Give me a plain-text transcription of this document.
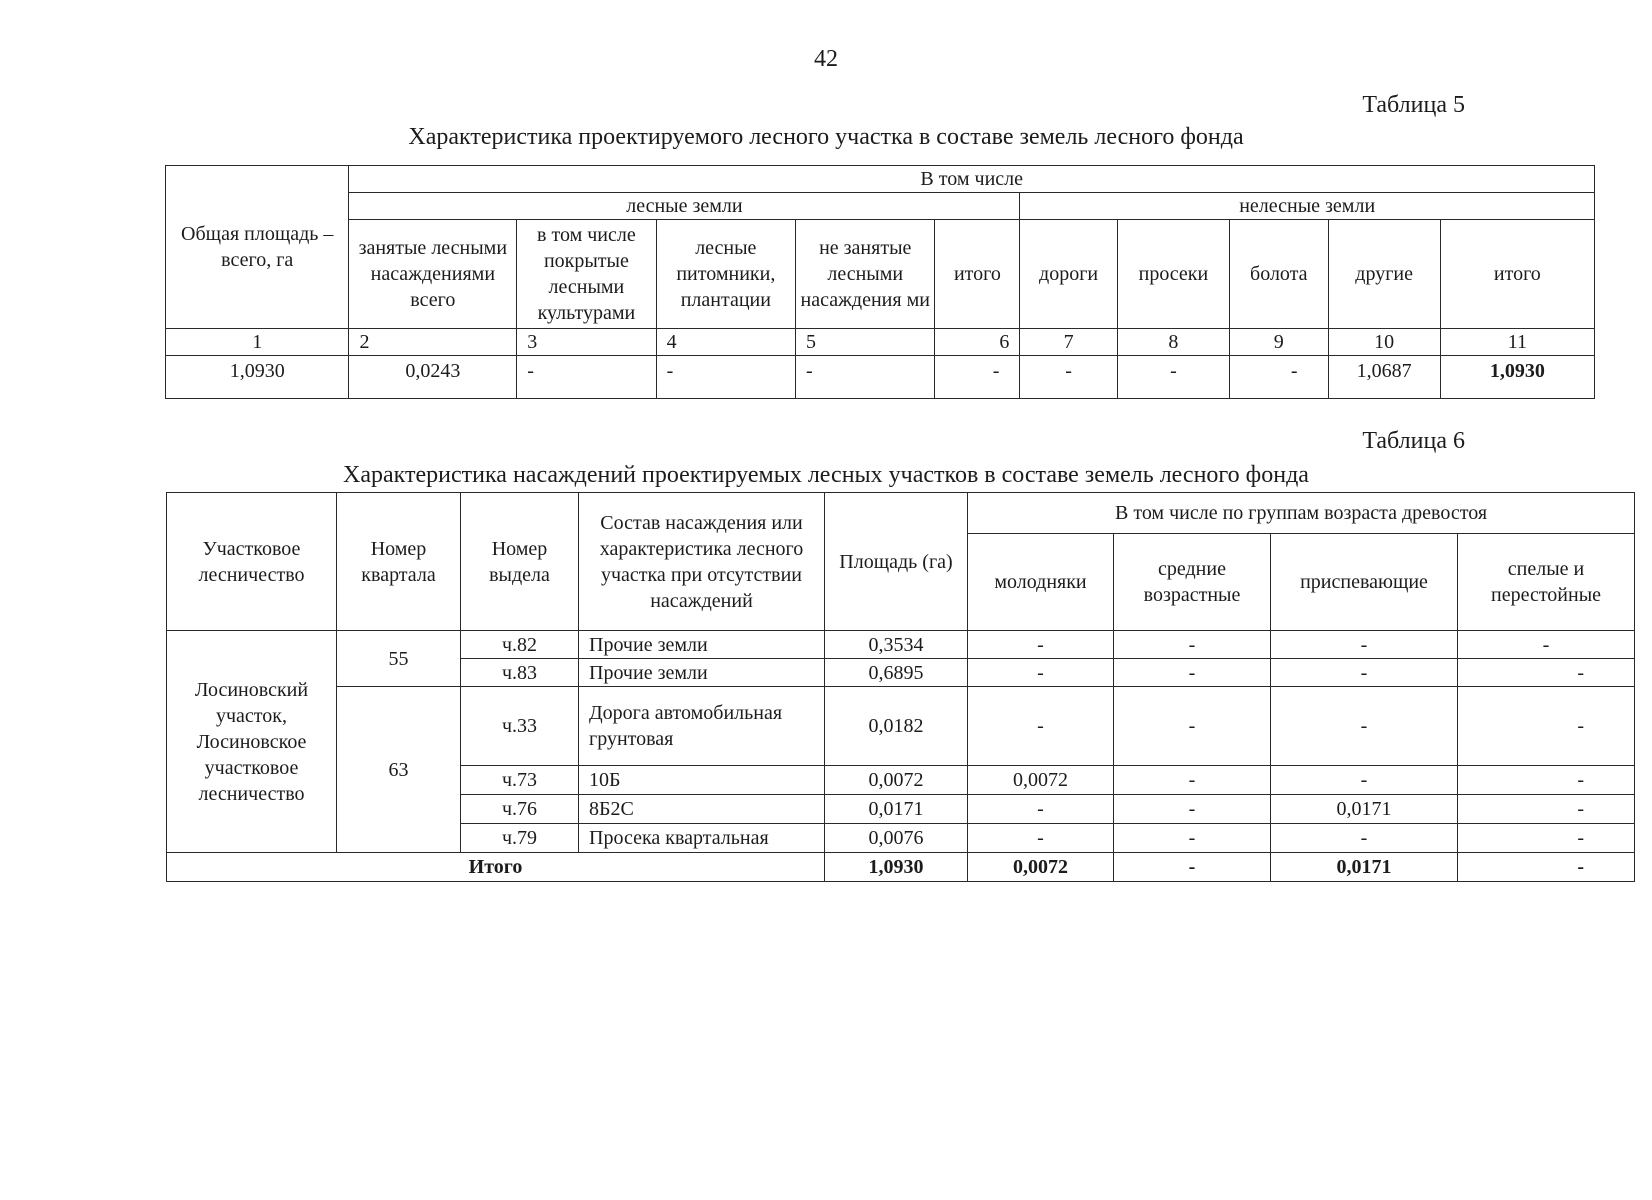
42
Таблица 5
Характеристика проектируемого лесного участка в составе земель лесного фонда
Общая площадь – всего, га	В том числе									
	лесные земли					нелесные земли				
	занятые лесными насаждениями всего	в том числе покрытые лесными культурами	лесные питомники, плантации	не занятые лесными насаждения ми	итого	дороги	просеки	болота	другие	итого
1	2	3	4	5	6	7	8	9	10	11
1,0930	0,0243	-	-	-	-	-	-	-	1,0687	1,0930
Таблица 6
Характеристика насаждений проектируемых лесных участков в составе земель лесного фонда
Участковое лесничество	Номер квартала	Номер выдела	Состав насаждения или характеристика лесного участка при отсутствии насаждений	Площадь (га)	В том числе по группам возраста древостоя			
					молодняки	средние возрастные	приспевающие	спелые и перестойные
Лосиновский участок, Лосиновское участковое лесничество	55	ч.82	Прочие земли	0,3534	-	-	-	-
		ч.83	Прочие земли	0,6895	-	-	-	-
	63	ч.33	Дорога автомобильная грунтовая	0,0182	-	-	-	-
		ч.73	10Б	0,0072	0,0072	-	-	-
		ч.76	8Б2С	0,0171	-	-	0,0171	-
		ч.79	Просека квартальная	0,0076	-	-	-	-
Итого				1,0930	0,0072	-	0,0171	-
